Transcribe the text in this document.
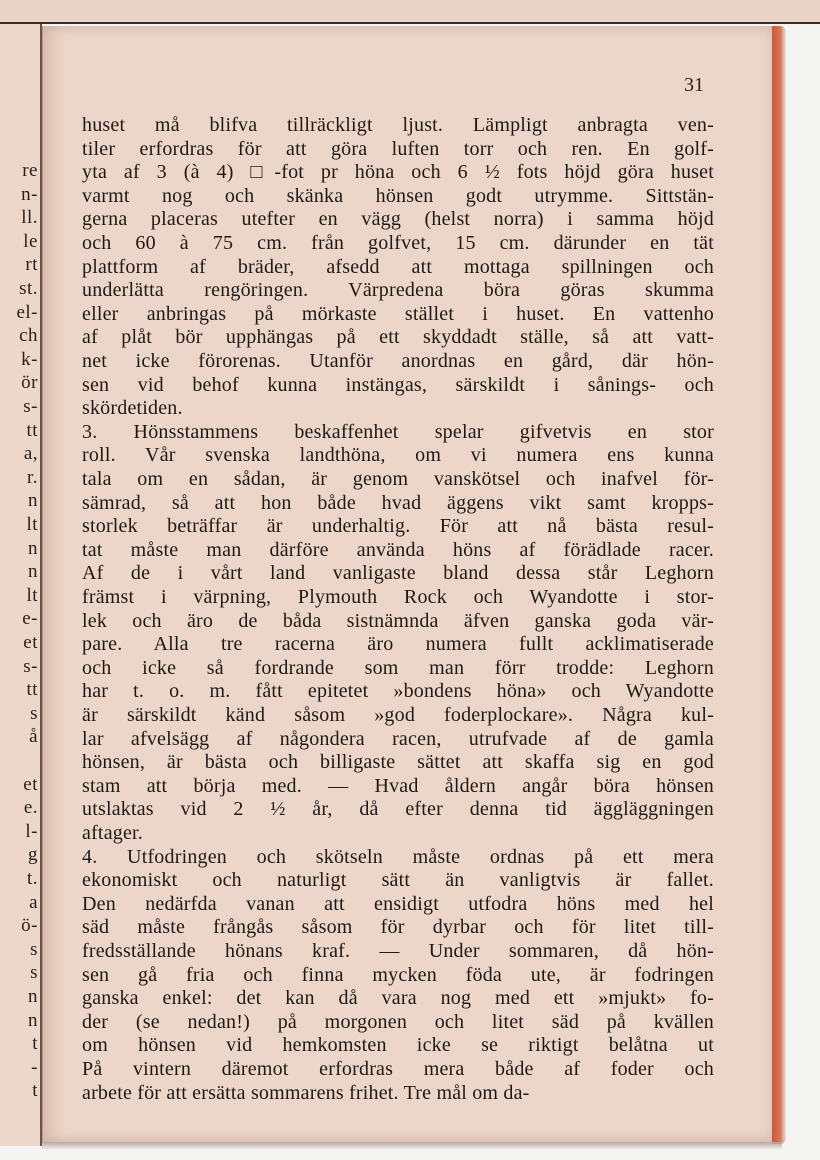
re
n-
ll.
le
rt
st.
el-
ch
k-
ör
s-
tt
a,
r.
n
lt
n
n
lt
e-
et
s-
tt
s
å
et
e.
l-
g
t.
a
ö-
s
s
n
n
t
-
t
31
huset må blifva tillräckligt ljust. Lämpligt anbragta ven-
tiler erfordras för att göra luften torr och ren. En golf-
yta af 3 (à 4) □-fot pr höna och 6 ½ fots höjd göra huset
varmt nog och skänka hönsen godt utrymme. Sittstän-
gerna placeras utefter en vägg (helst norra) i samma höjd
och 60 à 75 cm. från golfvet, 15 cm. därunder en tät
plattform af bräder, afsedd att mottaga spillningen och
underlätta rengöringen. Värpredena böra göras skumma
eller anbringas på mörkaste stället i huset. En vattenho
af plåt bör upphängas på ett skyddadt ställe, så att vatt-
net icke förorenas. Utanför anordnas en gård, där hön-
sen vid behof kunna instängas, särskildt i sånings- och
skördetiden.
3. Hönsstammens beskaffenhet spelar gifvetvis en stor
roll. Vår svenska landthöna, om vi numera ens kunna
tala om en sådan, är genom vanskötsel och inafvel för-
sämrad, så att hon både hvad äggens vikt samt kropps-
storlek beträffar är underhaltig. För att nå bästa resul-
tat måste man därföre använda höns af förädlade racer.
Af de i vårt land vanligaste bland dessa står Leghorn
främst i värpning, Plymouth Rock och Wyandotte i stor-
lek och äro de båda sistnämnda äfven ganska goda vär-
pare. Alla tre racerna äro numera fullt acklimatiserade
och icke så fordrande som man förr trodde: Leghorn
har t. o. m. fått epitetet »bondens höna» och Wyandotte
är särskildt känd såsom »god foderplockare». Några kul-
lar afvelsägg af någondera racen, utrufvade af de gamla
hönsen, är bästa och billigaste sättet att skaffa sig en god
stam att börja med. — Hvad åldern angår böra hönsen
utslaktas vid 2 ½ år, då efter denna tid äggläggningen
aftager.
4. Utfodringen och skötseln måste ordnas på ett mera
ekonomiskt och naturligt sätt än vanligtvis är fallet.
Den nedärfda vanan att ensidigt utfodra höns med hel
säd måste frångås såsom för dyrbar och för litet till-
fredsställande hönans kraf. — Under sommaren, då hön-
sen gå fria och finna mycken föda ute, är fodringen
ganska enkel: det kan då vara nog med ett »mjukt» fo-
der (se nedan!) på morgonen och litet säd på kvällen
om hönsen vid hemkomsten icke se riktigt belåtna ut
På vintern däremot erfordras mera både af foder och
arbete för att ersätta sommarens frihet. Tre mål om da-
